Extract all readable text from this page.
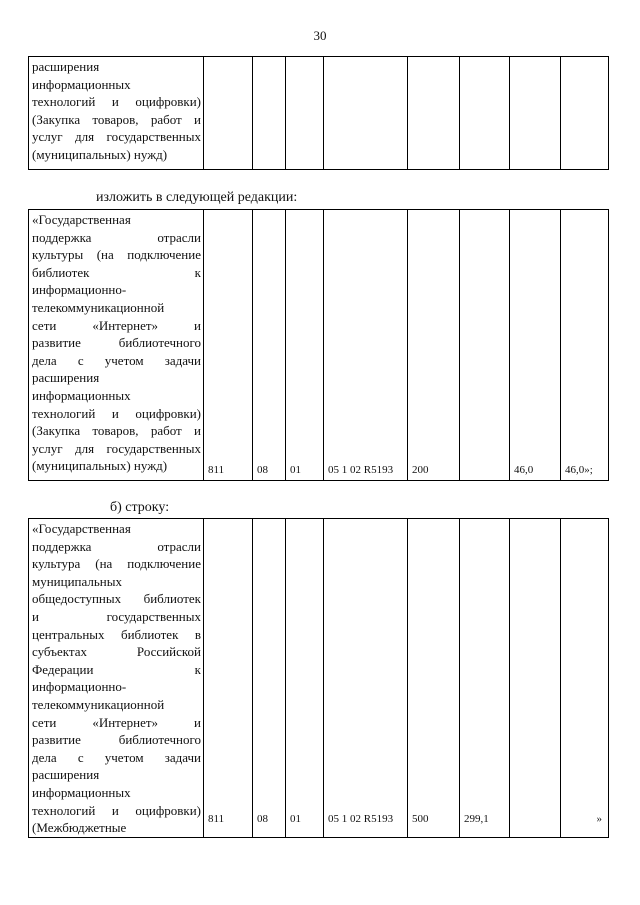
30
расширения
информационных
технологий и оцифровки)
(Закупка товаров, работ и
услуг для государственных
(муниципальных) нужд)

изложить в следующей редакции:
«Государственная
поддержка отрасли
культуры (на подключение
библиотек к
информационно-
телекоммуникационной
сети «Интернет» и
развитие библиотечного
дела с учетом задачи
расширения
информационных
технологий и оцифровки)
(Закупка товаров, работ и
услуг для государственных
(муниципальных) нужд)	811	08	01	05 1 02 R5193	200		46,0	46,0»;
б) строку:
«Государственная
поддержка отрасли
культура (на подключение
муниципальных
общедоступных библиотек
и государственных
центральных библиотек в
субъектах Российской
Федерации к
информационно-
телекоммуникационной
сети «Интернет» и
развитие библиотечного
дела с учетом задачи
расширения
информационных
технологий и оцифровки)
(Межбюджетные
	811	08	01	05 1 02 R5193	500	299,1		»
